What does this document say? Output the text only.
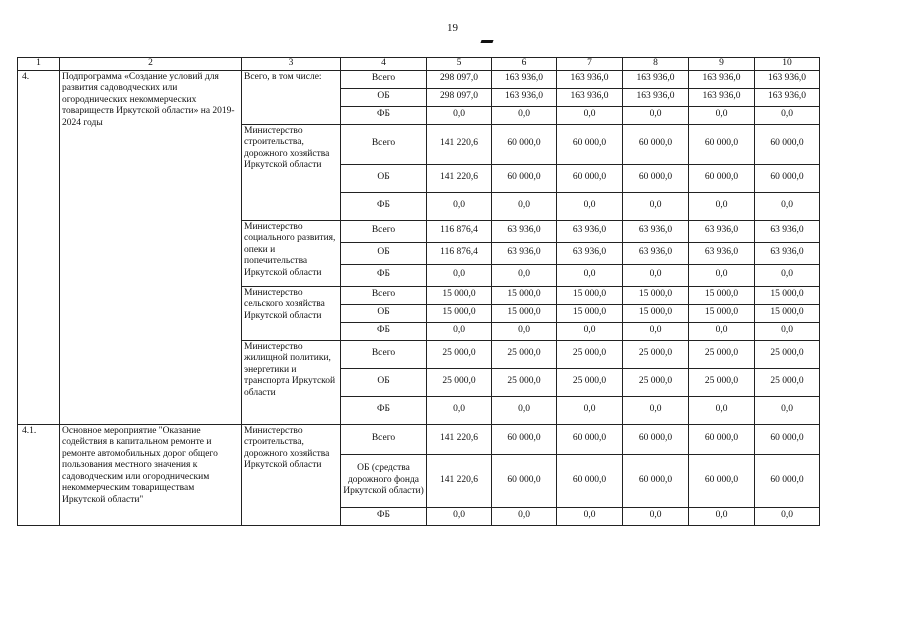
19
1	2	3	4	5	6	7	8	9	10
4.	Подпрограмма «Создание условий для развития садоводческих или огороднических некоммерческих товариществ Иркутской области» на 2019-2024 годы	Всего, в том числе:	Всего	298 097,0	163 936,0	163 936,0	163 936,0	163 936,0	163 936,0
			ОБ	298 097,0	163 936,0	163 936,0	163 936,0	163 936,0	163 936,0
			ФБ	0,0	0,0	0,0	0,0	0,0	0,0
		Министерство строительства, дорожного хозяйства Иркутской области	Всего	141 220,6	60 000,0	60 000,0	60 000,0	60 000,0	60 000,0
			ОБ	141 220,6	60 000,0	60 000,0	60 000,0	60 000,0	60 000,0
			ФБ	0,0	0,0	0,0	0,0	0,0	0,0
		Министерство социального развития, опеки и попечительства Иркутской области	Всего	116 876,4	63 936,0	63 936,0	63 936,0	63 936,0	63 936,0
			ОБ	116 876,4	63 936,0	63 936,0	63 936,0	63 936,0	63 936,0
			ФБ	0,0	0,0	0,0	0,0	0,0	0,0
		Министерство сельского хозяйства Иркутской области	Всего	15 000,0	15 000,0	15 000,0	15 000,0	15 000,0	15 000,0
			ОБ	15 000,0	15 000,0	15 000,0	15 000,0	15 000,0	15 000,0
			ФБ	0,0	0,0	0,0	0,0	0,0	0,0
		Министерство жилищной политики, энергетики и транспорта Иркутской области	Всего	25 000,0	25 000,0	25 000,0	25 000,0	25 000,0	25 000,0
			ОБ	25 000,0	25 000,0	25 000,0	25 000,0	25 000,0	25 000,0
			ФБ	0,0	0,0	0,0	0,0	0,0	0,0
4.1.	Основное мероприятие "Оказание содействия в капитальном ремонте и ремонте автомобильных дорог общего пользования местного значения к садоводческим или огородническим некоммерческим товариществам Иркутской области"	Министерство строительства, дорожного хозяйства Иркутской области	Всего	141 220,6	60 000,0	60 000,0	60 000,0	60 000,0	60 000,0
			ОБ (средства дорожного фонда Иркутской области)	141 220,6	60 000,0	60 000,0	60 000,0	60 000,0	60 000,0
			ФБ	0,0	0,0	0,0	0,0	0,0	0,0
